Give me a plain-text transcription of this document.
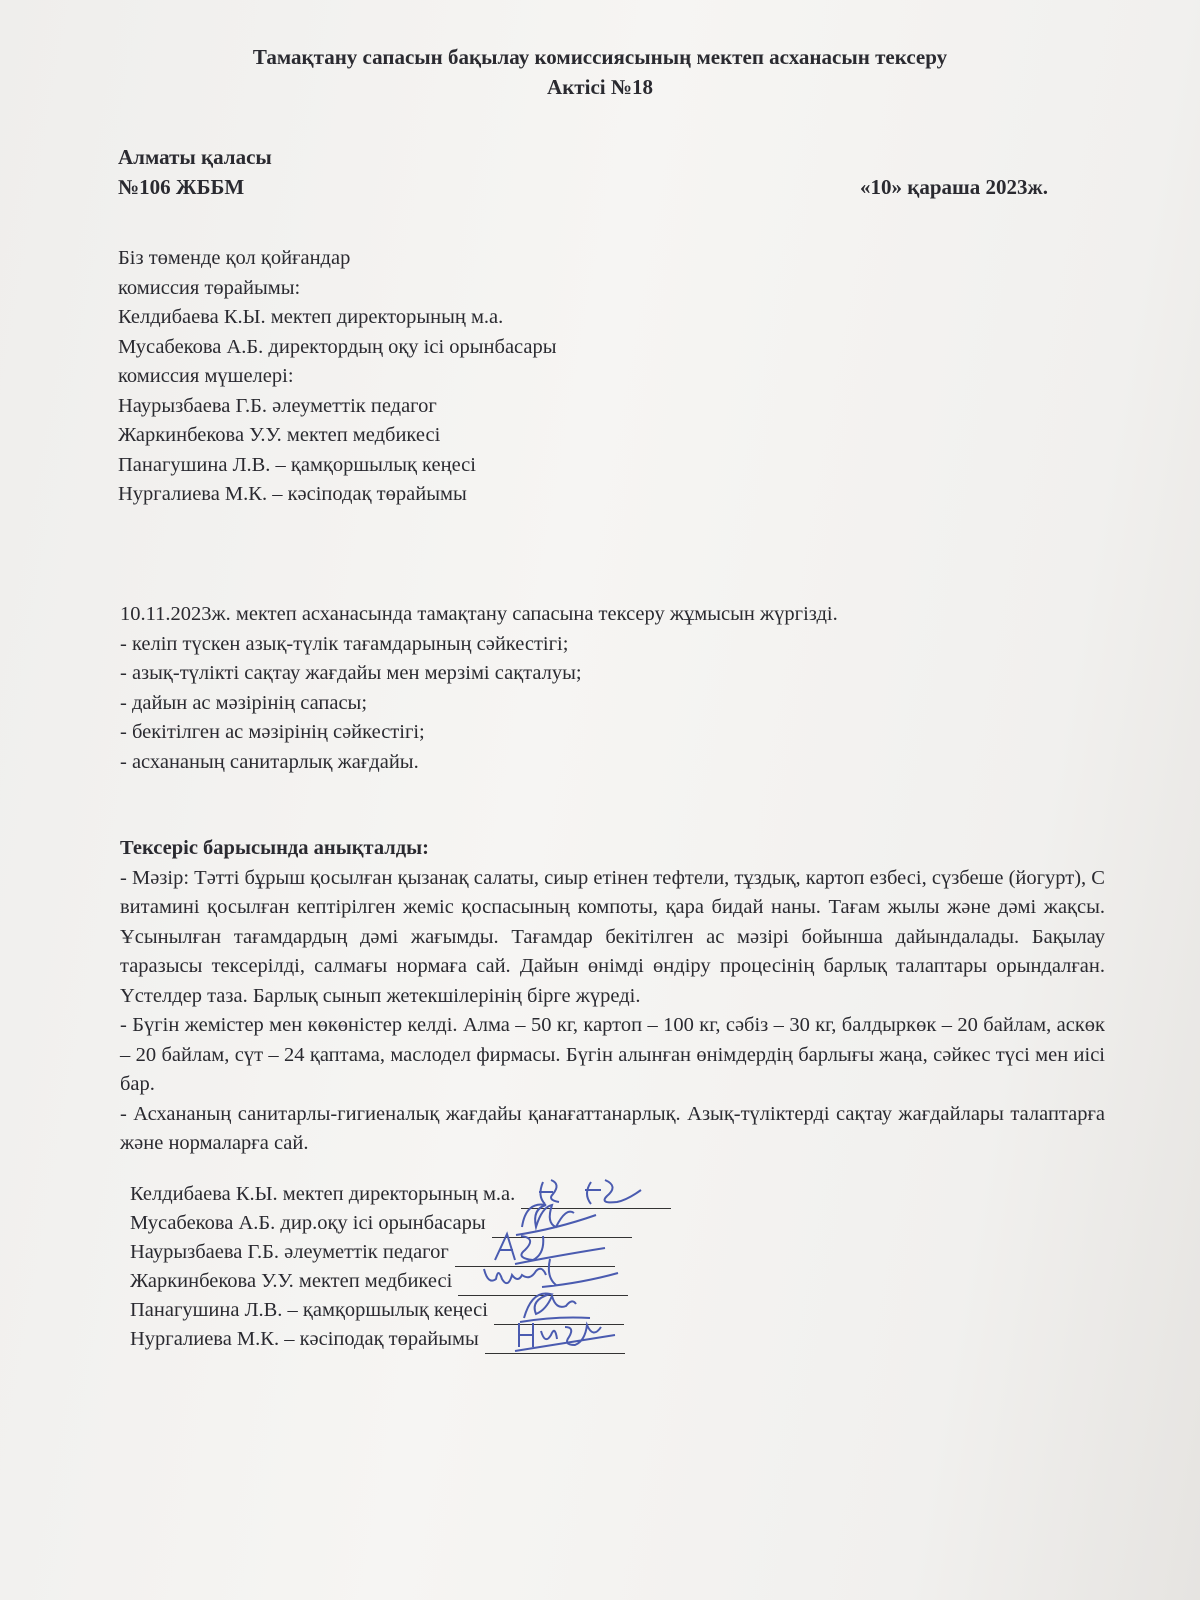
Тамақтану сапасын бақылау комиссиясының мектеп асханасын тексеру
Актісі №18
Алматы қаласы
№106 ЖББМ	«10» қараша 2023ж.
Біз төменде қол қойғандар
комиссия төрайымы:
Келдибаева К.Ы. мектеп директорының м.а.
Мусабекова А.Б. директордың оқу ісі орынбасары
комиссия мүшелері:
Наурызбаева Г.Б. әлеуметтік педагог
Жаркинбекова У.У. мектеп медбикесі
Панагушина Л.В. – қамқоршылық кеңесі
Нургалиева М.К. – кәсіподақ төрайымы
10.11.2023ж. мектеп асханасында тамақтану сапасына тексеру жұмысын жүргізді.
- келіп түскен азық-түлік тағамдарының сәйкестігі;
- азық-түлікті сақтау жағдайы мен мерзімі сақталуы;
- дайын ас мәзірінің сапасы;
- бекітілген ас мәзірінің сәйкестігі;
- асхананың санитарлық жағдайы.
Тексеріс барысында анықталды:

- Мәзір: Тәтті бұрыш қосылған қызанақ салаты, сиыр етінен тефтели, тұздық, картоп езбесі, сүзбеше (йогурт), С витамині қосылған кептірілген жеміс қоспасының компоты, қара бидай наны. Тағам жылы және дәмі жақсы. Ұсынылған тағамдардың дәмі жағымды. Тағамдар бекітілген ас мәзірі бойынша дайындалады. Бақылау таразысы тексерілді, салмағы нормаға сай. Дайын өнімді өндіру процесінің барлық талаптары орындалған. Үстелдер таза. Барлық сынып жетекшілерінің бірге жүреді.

- Бүгін жемістер мен көкөністер келді. Алма – 50 кг, картоп – 100 кг, сәбіз – 30 кг, балдыркөк – 20 байлам, аскөк – 20 байлам, сүт – 24 қаптама, маслодел фирмасы. Бүгін алынған өнімдердің барлығы жаңа, сәйкес түсі мен иісі бар.

- Асхананың санитарлы-гигиеналық жағдайы қанағаттанарлық. Азық-түліктерді сақтау жағдайлары талаптарға және нормаларға сай.

Келдибаева К.Ы. мектеп директорының м.а.
Мусабекова А.Б. дир.оқу ісі орынбасары
Наурызбаева Г.Б. әлеуметтік педагог
Жаркинбекова У.У. мектеп медбикесі
Панагушина Л.В. – қамқоршылық кеңесі
Нургалиева М.К. – кәсіподақ төрайымы
